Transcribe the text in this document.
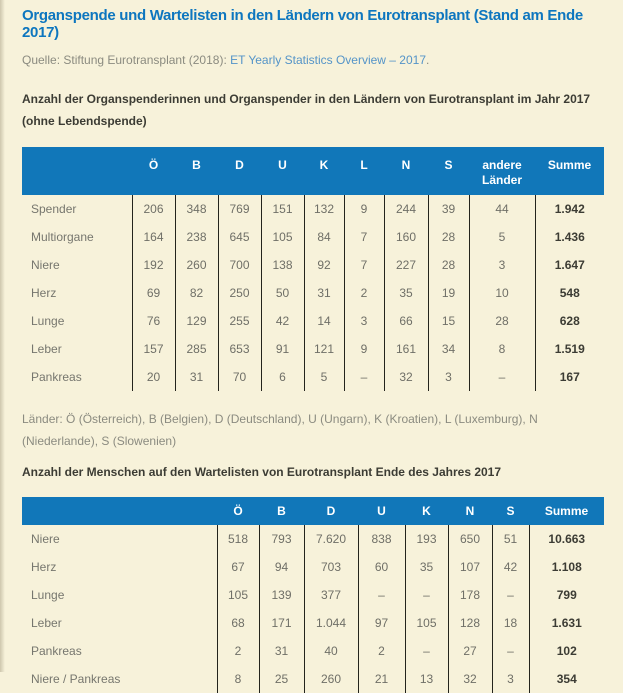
Organspende und Wartelisten in den Ländern von Eurotransplant (Stand am Ende 2017)

Quelle: Stiftung Eurotransplant (2018): ET Yearly Statistics Overview – 2017.

Anzahl der Organspenderinnen und Organspender in den Ländern von Eurotransplant im Jahr 2017 (ohne Lebendspende)

	Ö	B	D	U	K	L	N	S	andere Länder	Summe
Spender	206	348	769	151	132	9	244	39	44	1.942
Multiorgane	164	238	645	105	84	7	160	28	5	1.436
Niere	192	260	700	138	92	7	227	28	3	1.647
Herz	69	82	250	50	31	2	35	19	10	548
Lunge	76	129	255	42	14	3	66	15	28	628
Leber	157	285	653	91	121	9	161	34	8	1.519
Pankreas	20	31	70	6	5	–	32	3	–	167

Länder: Ö (Österreich), B (Belgien), D (Deutschland), U (Ungarn), K (Kroatien), L (Luxemburg), N (Niederlande), S (Slowenien)

Anzahl der Menschen auf den Wartelisten von Eurotransplant Ende des Jahres 2017

	Ö	B	D	U	K	N	S	Summe
Niere	518	793	7.620	838	193	650	51	10.663
Herz	67	94	703	60	35	107	42	1.108
Lunge	105	139	377	–	–	178	–	799
Leber	68	171	1.044	97	105	128	18	1.631
Pankreas	2	31	40	2	–	27	–	102
Niere / Pankreas	8	25	260	21	13	32	3	354
